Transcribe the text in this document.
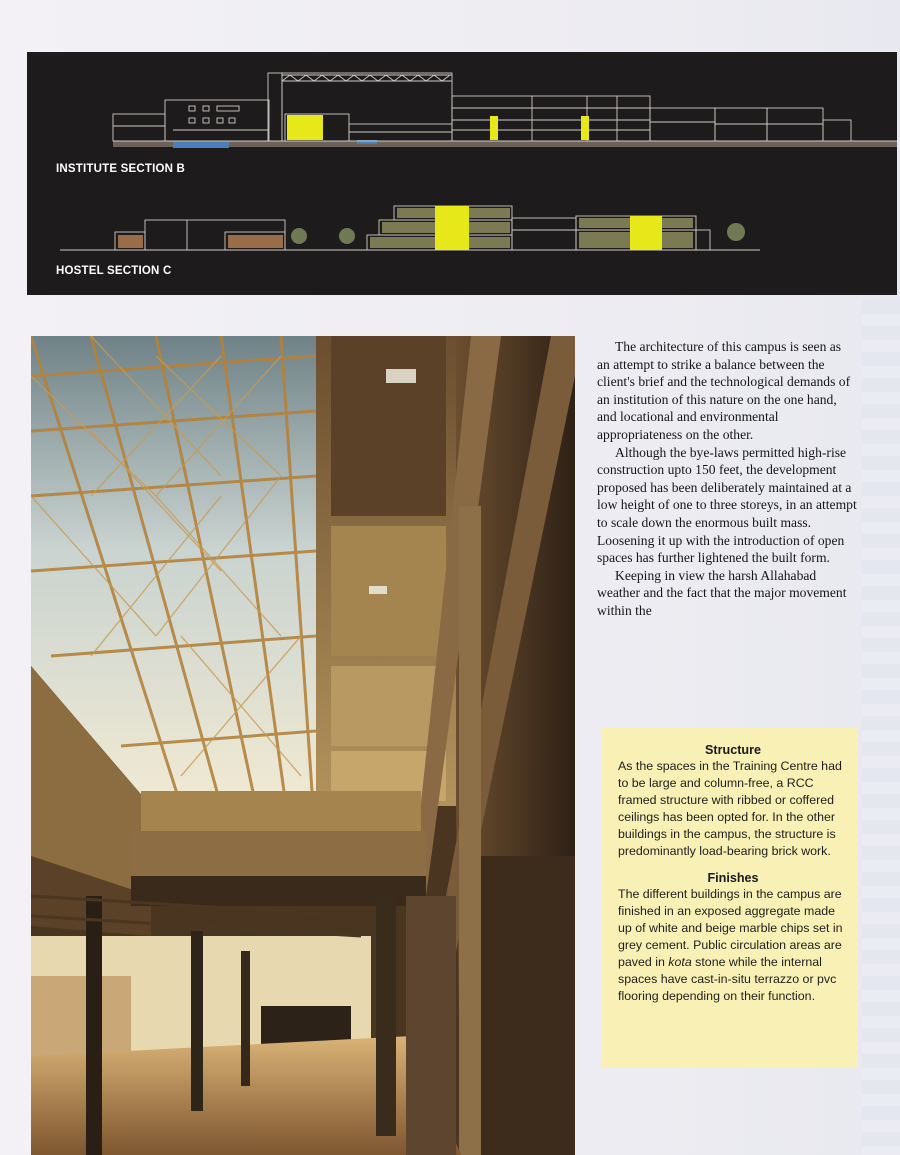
INSTITUTE SECTION B
HOSTEL SECTION C

The architecture of this campus is seen as an attempt to strike a balance between the client's brief and the technological demands of an institution of this nature on the one hand, and locational and environmental appropriateness on the other.

Although the bye-laws permitted high-rise construction upto 150 feet, the development proposed has been deliberately maintained at a low height of one to three storeys, in an attempt to scale down the enormous built mass. Loosening it up with the introduction of open spaces has further lightened the built form.

Keeping in view the harsh Allahabad weather and the fact that the major movement within the

Structure

As the spaces in the Training Centre had to be large and column-free, a RCC framed structure with ribbed or coffered ceilings has been opted for. In the other buildings in the campus, the structure is predominantly load-bearing brick work.

Finishes

The different buildings in the campus are finished in an exposed aggregate made up of white and beige marble chips set in grey cement. Public circulation areas are paved in kota stone while the internal spaces have cast-in-situ terrazzo or pvc flooring depending on their function.
